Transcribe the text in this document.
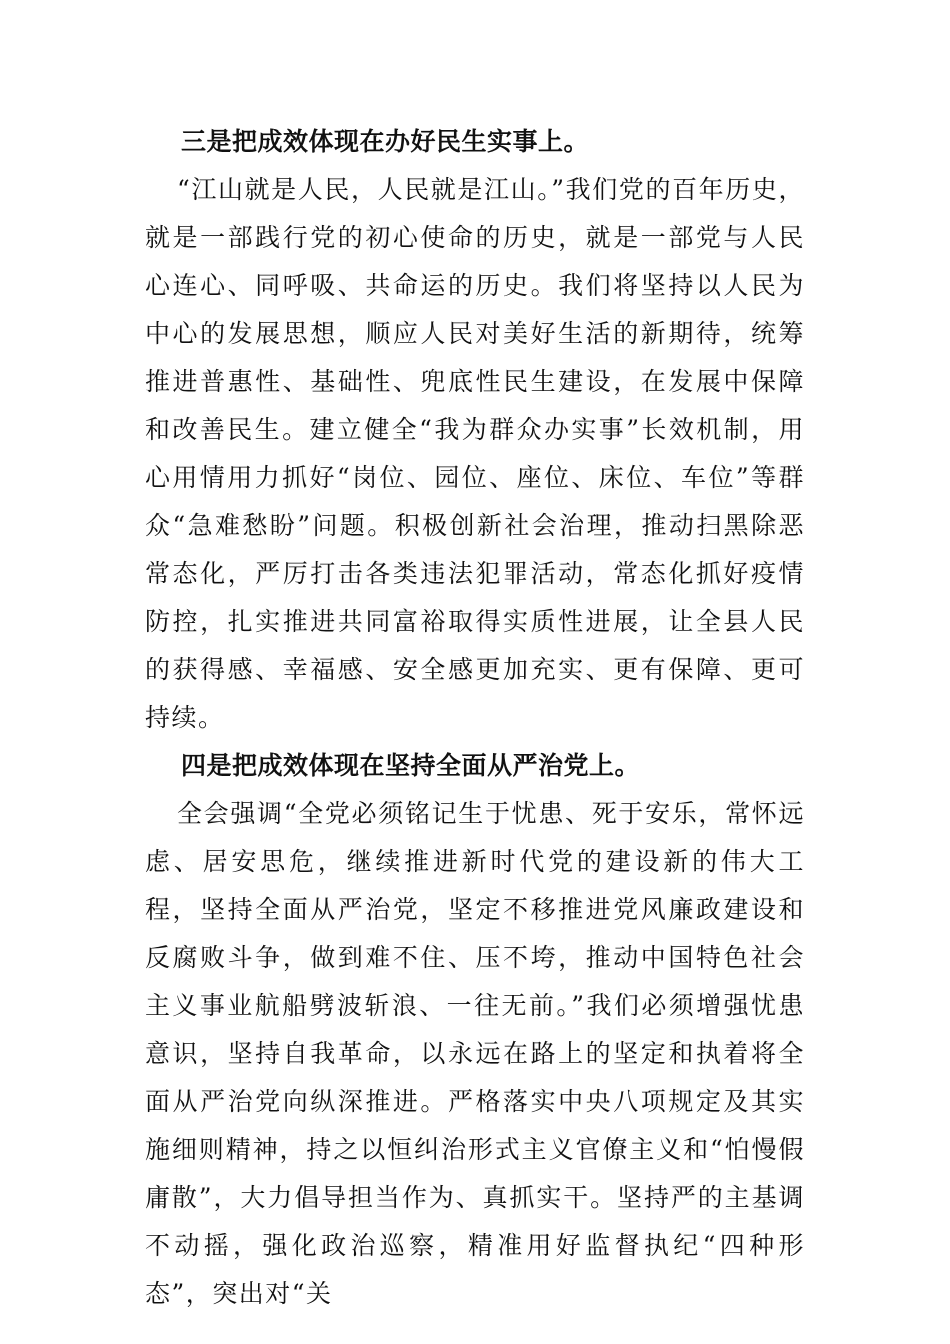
三是把成效体现在办好民生实事上。

“江山就是人民，人民就是江山。”我们党的百年历史，就是一部践行党的初心使命的历史，就是一部党与人民心连心、同呼吸、共命运的历史。我们将坚持以人民为中心的发展思想，顺应人民对美好生活的新期待，统筹推进普惠性、基础性、兜底性民生建设，在发展中保障和改善民生。建立健全“我为群众办实事”长效机制，用心用情用力抓好“岗位、园位、座位、床位、车位”等群众“急难愁盼”问题。积极创新社会治理，推动扫黑除恶常态化，严厉打击各类违法犯罪活动，常态化抓好疫情防控，扎实推进共同富裕取得实质性进展，让全县人民的获得感、幸福感、安全感更加充实、更有保障、更可持续。

四是把成效体现在坚持全面从严治党上。

全会强调“全党必须铭记生于忧患、死于安乐，常怀远虑、居安思危，继续推进新时代党的建设新的伟大工程，坚持全面从严治党，坚定不移推进党风廉政建设和反腐败斗争，做到难不住、压不垮，推动中国特色社会主义事业航船劈波斩浪、一往无前。”我们必须增强忧患意识，坚持自我革命，以永远在路上的坚定和执着将全面从严治党向纵深推进。严格落实中央八项规定及其实施细则精神，持之以恒纠治形式主义官僚主义和“怕慢假庸散”，大力倡导担当作为、真抓实干。坚持严的主基调不动摇，强化政治巡察，精准用好监督执纪“四种形态”，突出对“关
